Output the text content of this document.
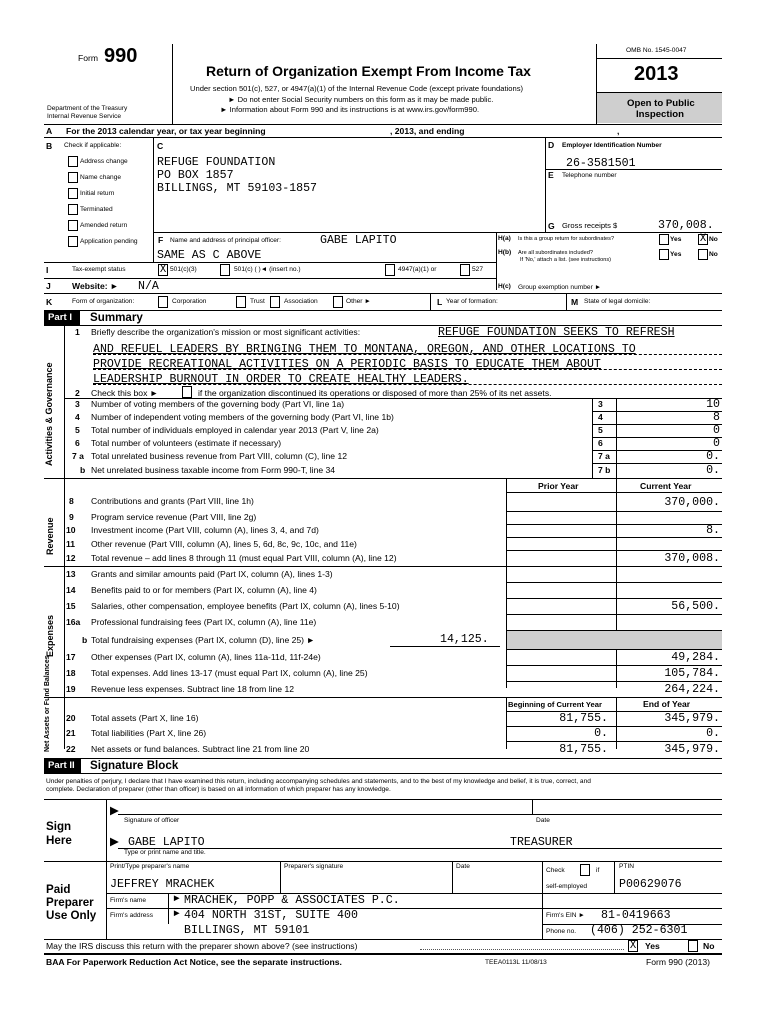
Form 990
Department of the Treasury
Internal Revenue Service
Return of Organization Exempt From Income Tax
Under section 501(c), 527, or 4947(a)(1) of the Internal Revenue Code (except private foundations)
► Do not enter Social Security numbers on this form as it may be made public.
► Information about Form 990 and its instructions is at www.irs.gov/form990.
OMB No. 1545-0047
2013
Open to Public
Inspection
A For the 2013 calendar year, or tax year beginning	, 2013, and ending	,
B Check if applicable:
Address change
Name change
Initial return
Terminated
Amended return
Application pending
C
REFUGE FOUNDATION
PO BOX 1857
BILLINGS, MT 59103-1857
D Employer Identification Number
26-3581501
E Telephone number
G Gross receipts $	370,008.
F Name and address of principal officer:	GABE LAPITO
SAME AS C ABOVE
H(a) Is this a group return for subordinates?	Yes X No
H(b) Are all subordinates included?
If 'No,' attach a list. (see instructions)
Yes	No
I	Tax-exempt status	X 501(c)(3)	501(c) ( )◄ (insert no.)	4947(a)(1) or	527
J Website: ► N/A	H(c) Group exemption number ►
K	Form of organization:	Corporation	Trust	Association	Other ►	L Year of formation:	M State of legal domicile:
Part I	Summary
Activities & Governance
Revenue
Expenses
Net Assets or Fund Balances
1 Briefly describe the organization's mission or most significant activities:	REFUGE FOUNDATION SEEKS TO REFRESH
AND REFUEL LEADERS BY BRINGING THEM TO MONTANA, OREGON, AND OTHER LOCATIONS TO
PROVIDE RECREATIONAL ACTIVITIES ON A PERIODIC BASIS TO EDUCATE THEM ABOUT
LEADERSHIP BURNOUT IN ORDER TO CREATE HEALTHY LEADERS.
2 Check this box ►	if the organization discontinued its operations or disposed of more than 25% of its net assets.
3 Number of voting members of the governing body (Part VI, line 1a)	3	10
4 Number of independent voting members of the governing body (Part VI, line 1b)	4	8
5 Total number of individuals employed in calendar year 2013 (Part V, line 2a)	5	0
6 Total number of volunteers (estimate if necessary)	6	0
7 a Total unrelated business revenue from Part VIII, column (C), line 12	7 a	0.
b Net unrelated business taxable income from Form 990-T, line 34	7 b	0.
Prior Year	Current Year
8 Contributions and grants (Part VIII, line 1h)	370,000.
9 Program service revenue (Part VIII, line 2g)
10 Investment income (Part VIII, column (A), lines 3, 4, and 7d)	8.
11 Other revenue (Part VIII, column (A), lines 5, 6d, 8c, 9c, 10c, and 11e)
12 Total revenue – add lines 8 through 11 (must equal Part VIII, column (A), line 12)	370,008.
13 Grants and similar amounts paid (Part IX, column (A), lines 1-3)
14 Benefits paid to or for members (Part IX, column (A), line 4)
15 Salaries, other compensation, employee benefits (Part IX, column (A), lines 5-10)	56,500.
16a Professional fundraising fees (Part IX, column (A), line 11e)
b Total fundraising expenses (Part IX, column (D), line 25) ►	14,125.
17 Other expenses (Part IX, column (A), lines 11a-11d, 11f-24e)	49,284.
18 Total expenses. Add lines 13-17 (must equal Part IX, column (A), line 25)	105,784.
19 Revenue less expenses. Subtract line 18 from line 12	264,224.
Beginning of Current Year	End of Year
20 Total assets (Part X, line 16)	81,755.	345,979.
21 Total liabilities (Part X, line 26)	0.	0.
22 Net assets or fund balances. Subtract line 21 from line 20	81,755.	345,979.
Part II	Signature Block
Under penalties of perjury, I declare that I have examined this return, including accompanying schedules and statements, and to the best of my knowledge and belief, it is true, correct, and
complete. Declaration of preparer (other than officer) is based on all information of which preparer has any knowledge.
Sign
Here
▶
Signature of officer	Date
▶ GABE LAPITO	TREASURER
Type or print name and title.
Paid
Preparer
Use Only
Print/Type preparer's name	Preparer's signature	Date
Check	if
self-employed
PTIN
JEFFREY MRACHEK	P00629076
Firm's name	► MRACHEK, POPP & ASSOCIATES P.C.
Firm's address ► 404 NORTH 31ST, SUITE 400	Firm's EIN ► 81-0419663
BILLINGS, MT 59101	Phone no. (406) 252-6301
May the IRS discuss this return with the preparer shown above? (see instructions)	X Yes	No
BAA For Paperwork Reduction Act Notice, see the separate instructions.	TEEA0113L 11/08/13	Form 990 (2013)
